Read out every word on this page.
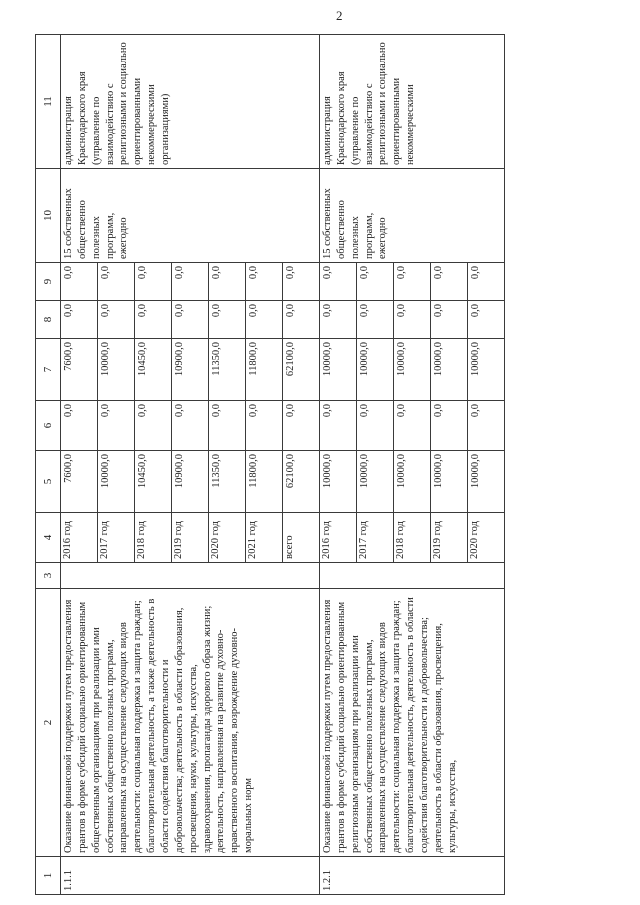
2
1	2	3	4	5	6	7	8	9	10	11
1.1.1	Оказание финансовой поддержки путем предоставления грантов в форме субсидий социально ориентированным общественным организациям при реализации ими собственных общественно полезных программ, направленных на осуществление следующих видов деятельности: социальная поддержка и защита граждан; благотворительная деятельность, а также деятельность в области содействия благотворительности и добровольчества; деятельность в области образования, просвещения, науки, культуры, искусства, здравоохранения, пропаганды здорового образа жизни; деятельность, направленная на развитие духовно-нравственного воспитания, возрождение духовно-моральных норм		2016 год	7600,0	0,0	7600,0	0,0	0,0	15 собственных общественно полезных программ, ежегодно	администрация Краснодарского края (управление по взаимодействию с религиозными и социально ориентированными некоммерческими организациями)
			2017 год	10000,0	0,0	10000,0	0,0	0,0		
			2018 год	10450,0	0,0	10450,0	0,0	0,0		
			2019 год	10900,0	0,0	10900,0	0,0	0,0		
			2020 год	11350,0	0,0	11350,0	0,0	0,0		
			2021 год	11800,0	0,0	11800,0	0,0	0,0		
			всего	62100,0	0,0	62100,0	0,0	0,0		
1.2.1	Оказание финансовой поддержки путем предоставления грантов в форме субсидий социально ориентированным религиозным организациям при реализации ими собственных общественно полезных программ, направленных на осуществление следующих видов деятельности: социальная поддержка и защита граждан; благотворительная деятельность, деятельность в области содействия благотворительности и добровольчества; деятельность в области образования, просвещения, культуры, искусства,		2016 год	10000,0	0,0	10000,0	0,0	0,0	15 собственных общественно полезных программ, ежегодно	администрация Краснодарского края (управление по взаимодействию с религиозными и социально ориентированными некоммерческими
			2017 год	10000,0	0,0	10000,0	0,0	0,0		
			2018 год	10000,0	0,0	10000,0	0,0	0,0		
			2019 год	10000,0	0,0	10000,0	0,0	0,0		
			2020 год	10000,0	0,0	10000,0	0,0	0,0		
